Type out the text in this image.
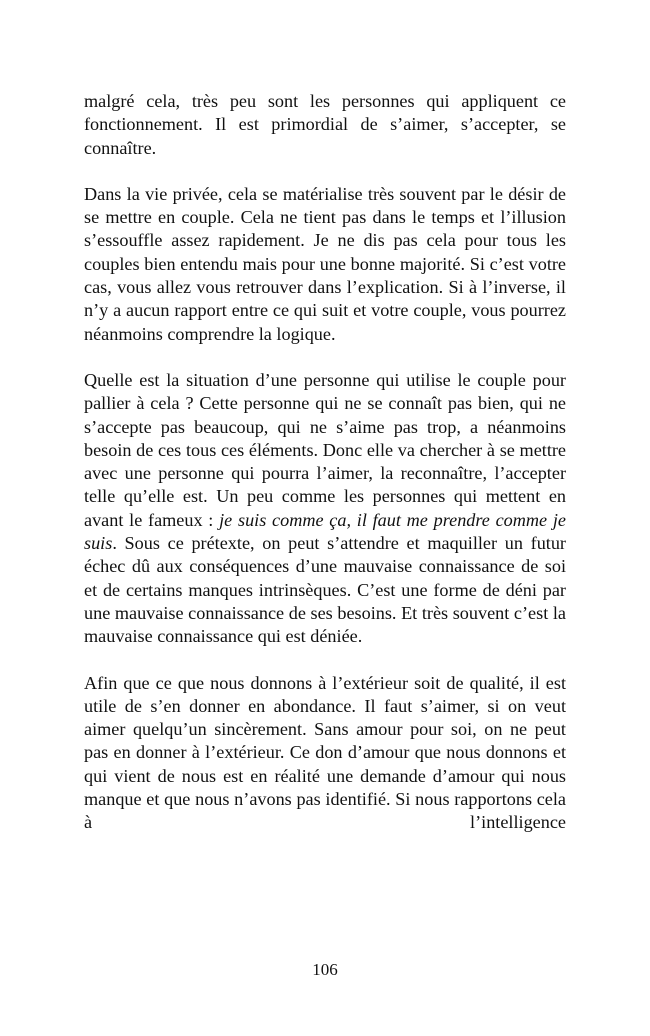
malgré cela, très peu sont les personnes qui appliquent ce fonctionnement. Il est primordial de s’aimer, s’accepter, se connaître.

Dans la vie privée, cela se matérialise très souvent par le désir de se mettre en couple. Cela ne tient pas dans le temps et l’illusion s’essouffle assez rapidement. Je ne dis pas cela pour tous les couples bien entendu mais pour une bonne majorité. Si c’est votre cas, vous allez vous retrouver dans l’explication. Si à l’inverse, il n’y a aucun rapport entre ce qui suit et votre couple, vous pourrez néanmoins comprendre la logique.

Quelle est la situation d’une personne qui utilise le couple pour pallier à cela ? Cette personne qui ne se connaît pas bien, qui ne s’accepte pas beaucoup, qui ne s’aime pas trop, a néanmoins besoin de ces tous ces éléments. Donc elle va chercher à se mettre avec une personne qui pourra l’aimer, la reconnaître, l’accepter telle qu’elle est. Un peu comme les personnes qui mettent en avant le fameux : je suis comme ça, il faut me prendre comme je suis. Sous ce prétexte, on peut s’attendre et maquiller un futur échec dû aux conséquences d’une mauvaise connaissance de soi et de certains manques intrinsèques. C’est une forme de déni par une mauvaise connaissance de ses besoins. Et très souvent c’est la mauvaise connaissance qui est déniée.

Afin que ce que nous donnons à l’extérieur soit de qualité, il est utile de s’en donner en abondance. Il faut s’aimer, si on veut aimer quelqu’un sincèrement. Sans amour pour soi, on ne peut pas en donner à l’extérieur. Ce don d’amour que nous donnons et qui vient de nous est en réalité une demande d’amour qui nous manque et que nous n’avons pas identifié. Si nous rapportons cela à l’intelligence

106
